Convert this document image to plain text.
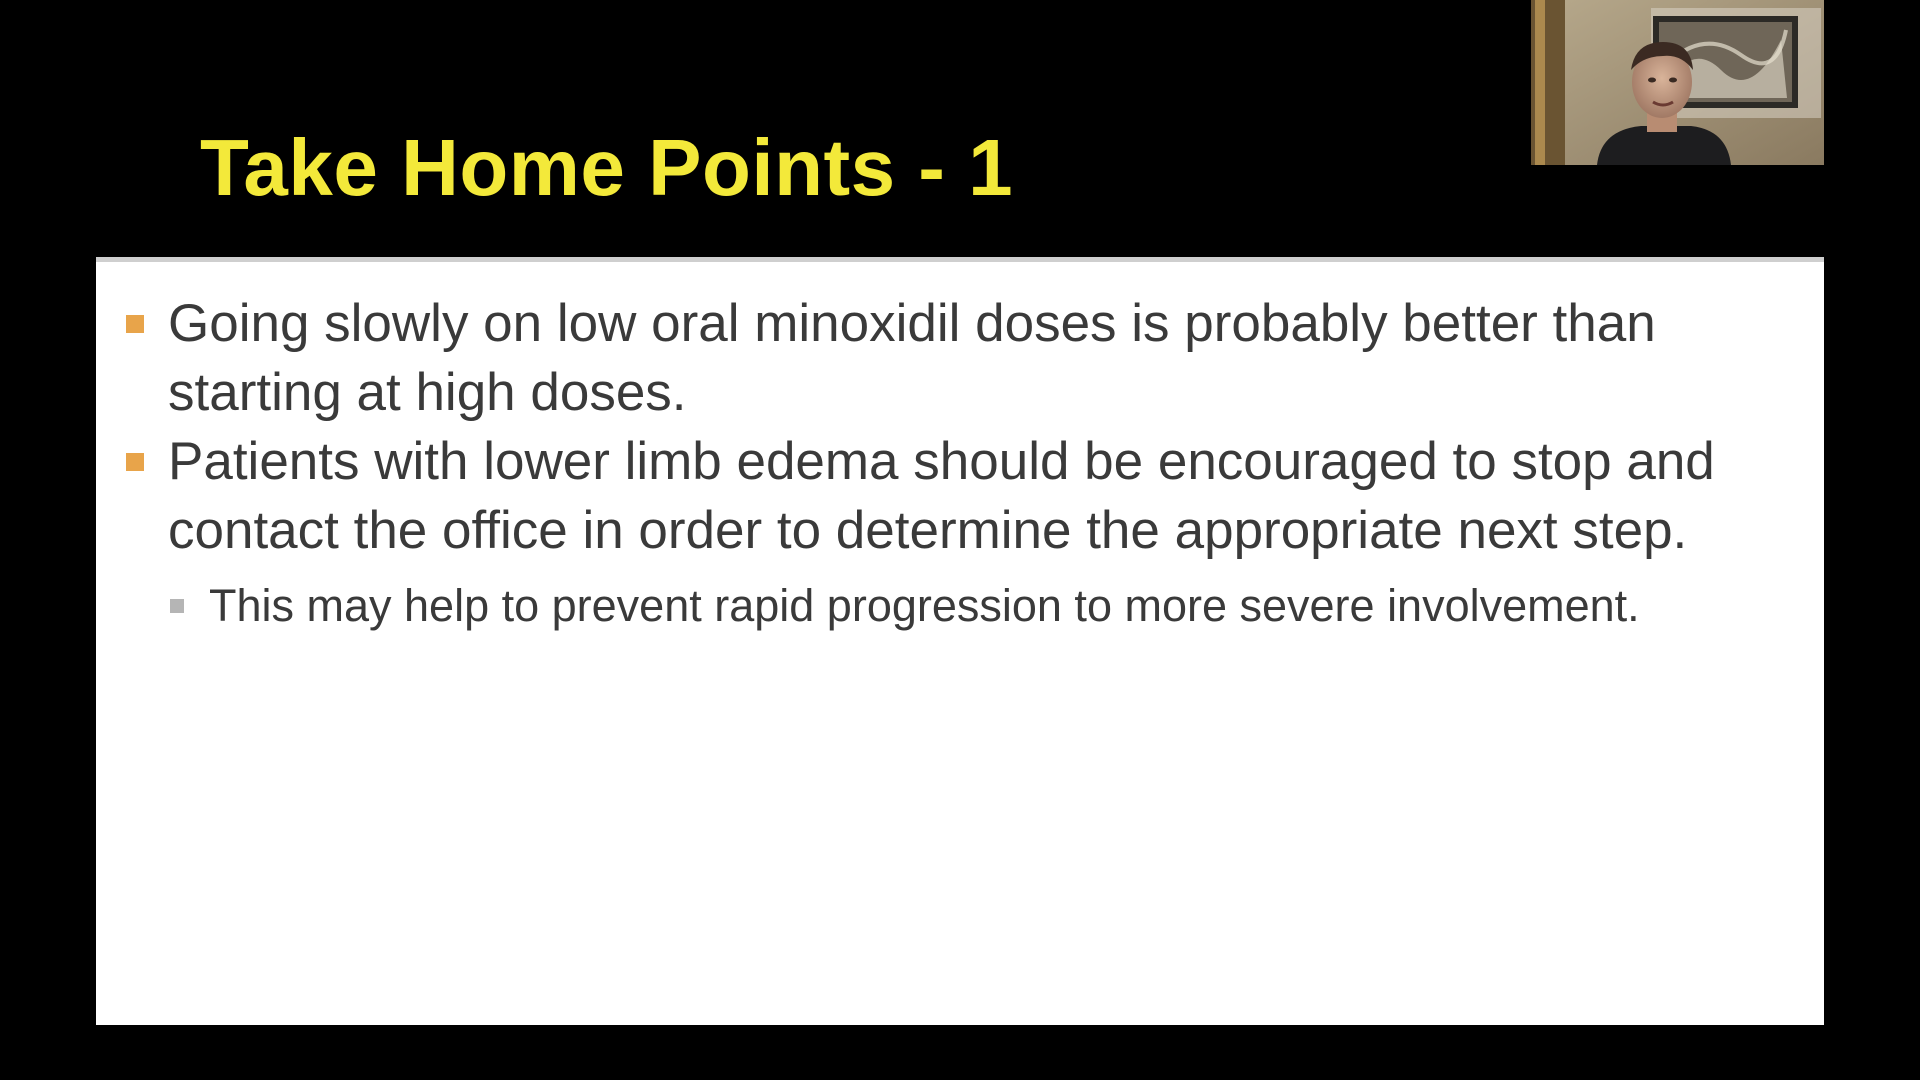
Take Home Points - 1
Going slowly on low oral minoxidil doses is probably better than starting at high doses.
Patients with lower limb edema should be encouraged to stop and contact the office in order to determine the appropriate next step.
This may help to prevent rapid progression to more severe involvement.
